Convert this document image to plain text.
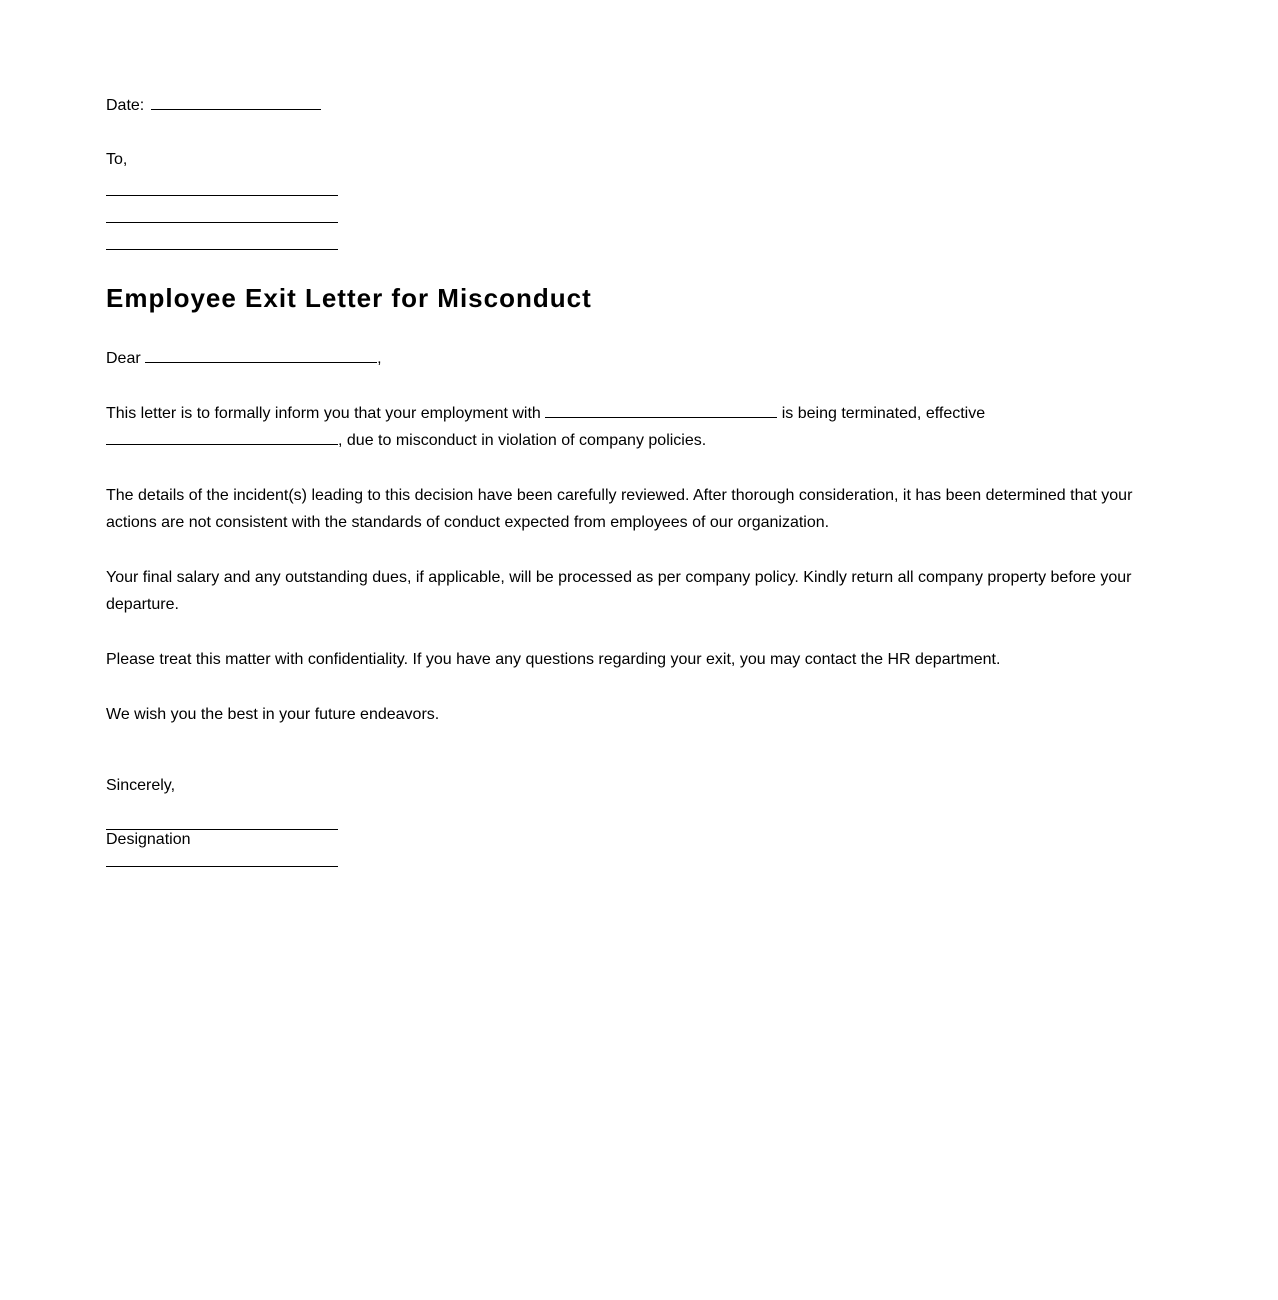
Date:
To,
Employee Exit Letter for Misconduct
Dear	,
This letter is to formally inform you that your employment with	is being terminated, effective
, due to misconduct in violation of company policies.

The details of the incident(s) leading to this decision have been carefully reviewed. After thorough consideration, it has been determined that your actions are not consistent with the standards of conduct expected from employees of our organization.

Your final salary and any outstanding dues, if applicable, will be processed as per company policy. Kindly return all company property before your departure.

Please treat this matter with confidentiality. If you have any questions regarding your exit, you may contact the HR department.

We wish you the best in your future endeavors.

Sincerely,
Designation
